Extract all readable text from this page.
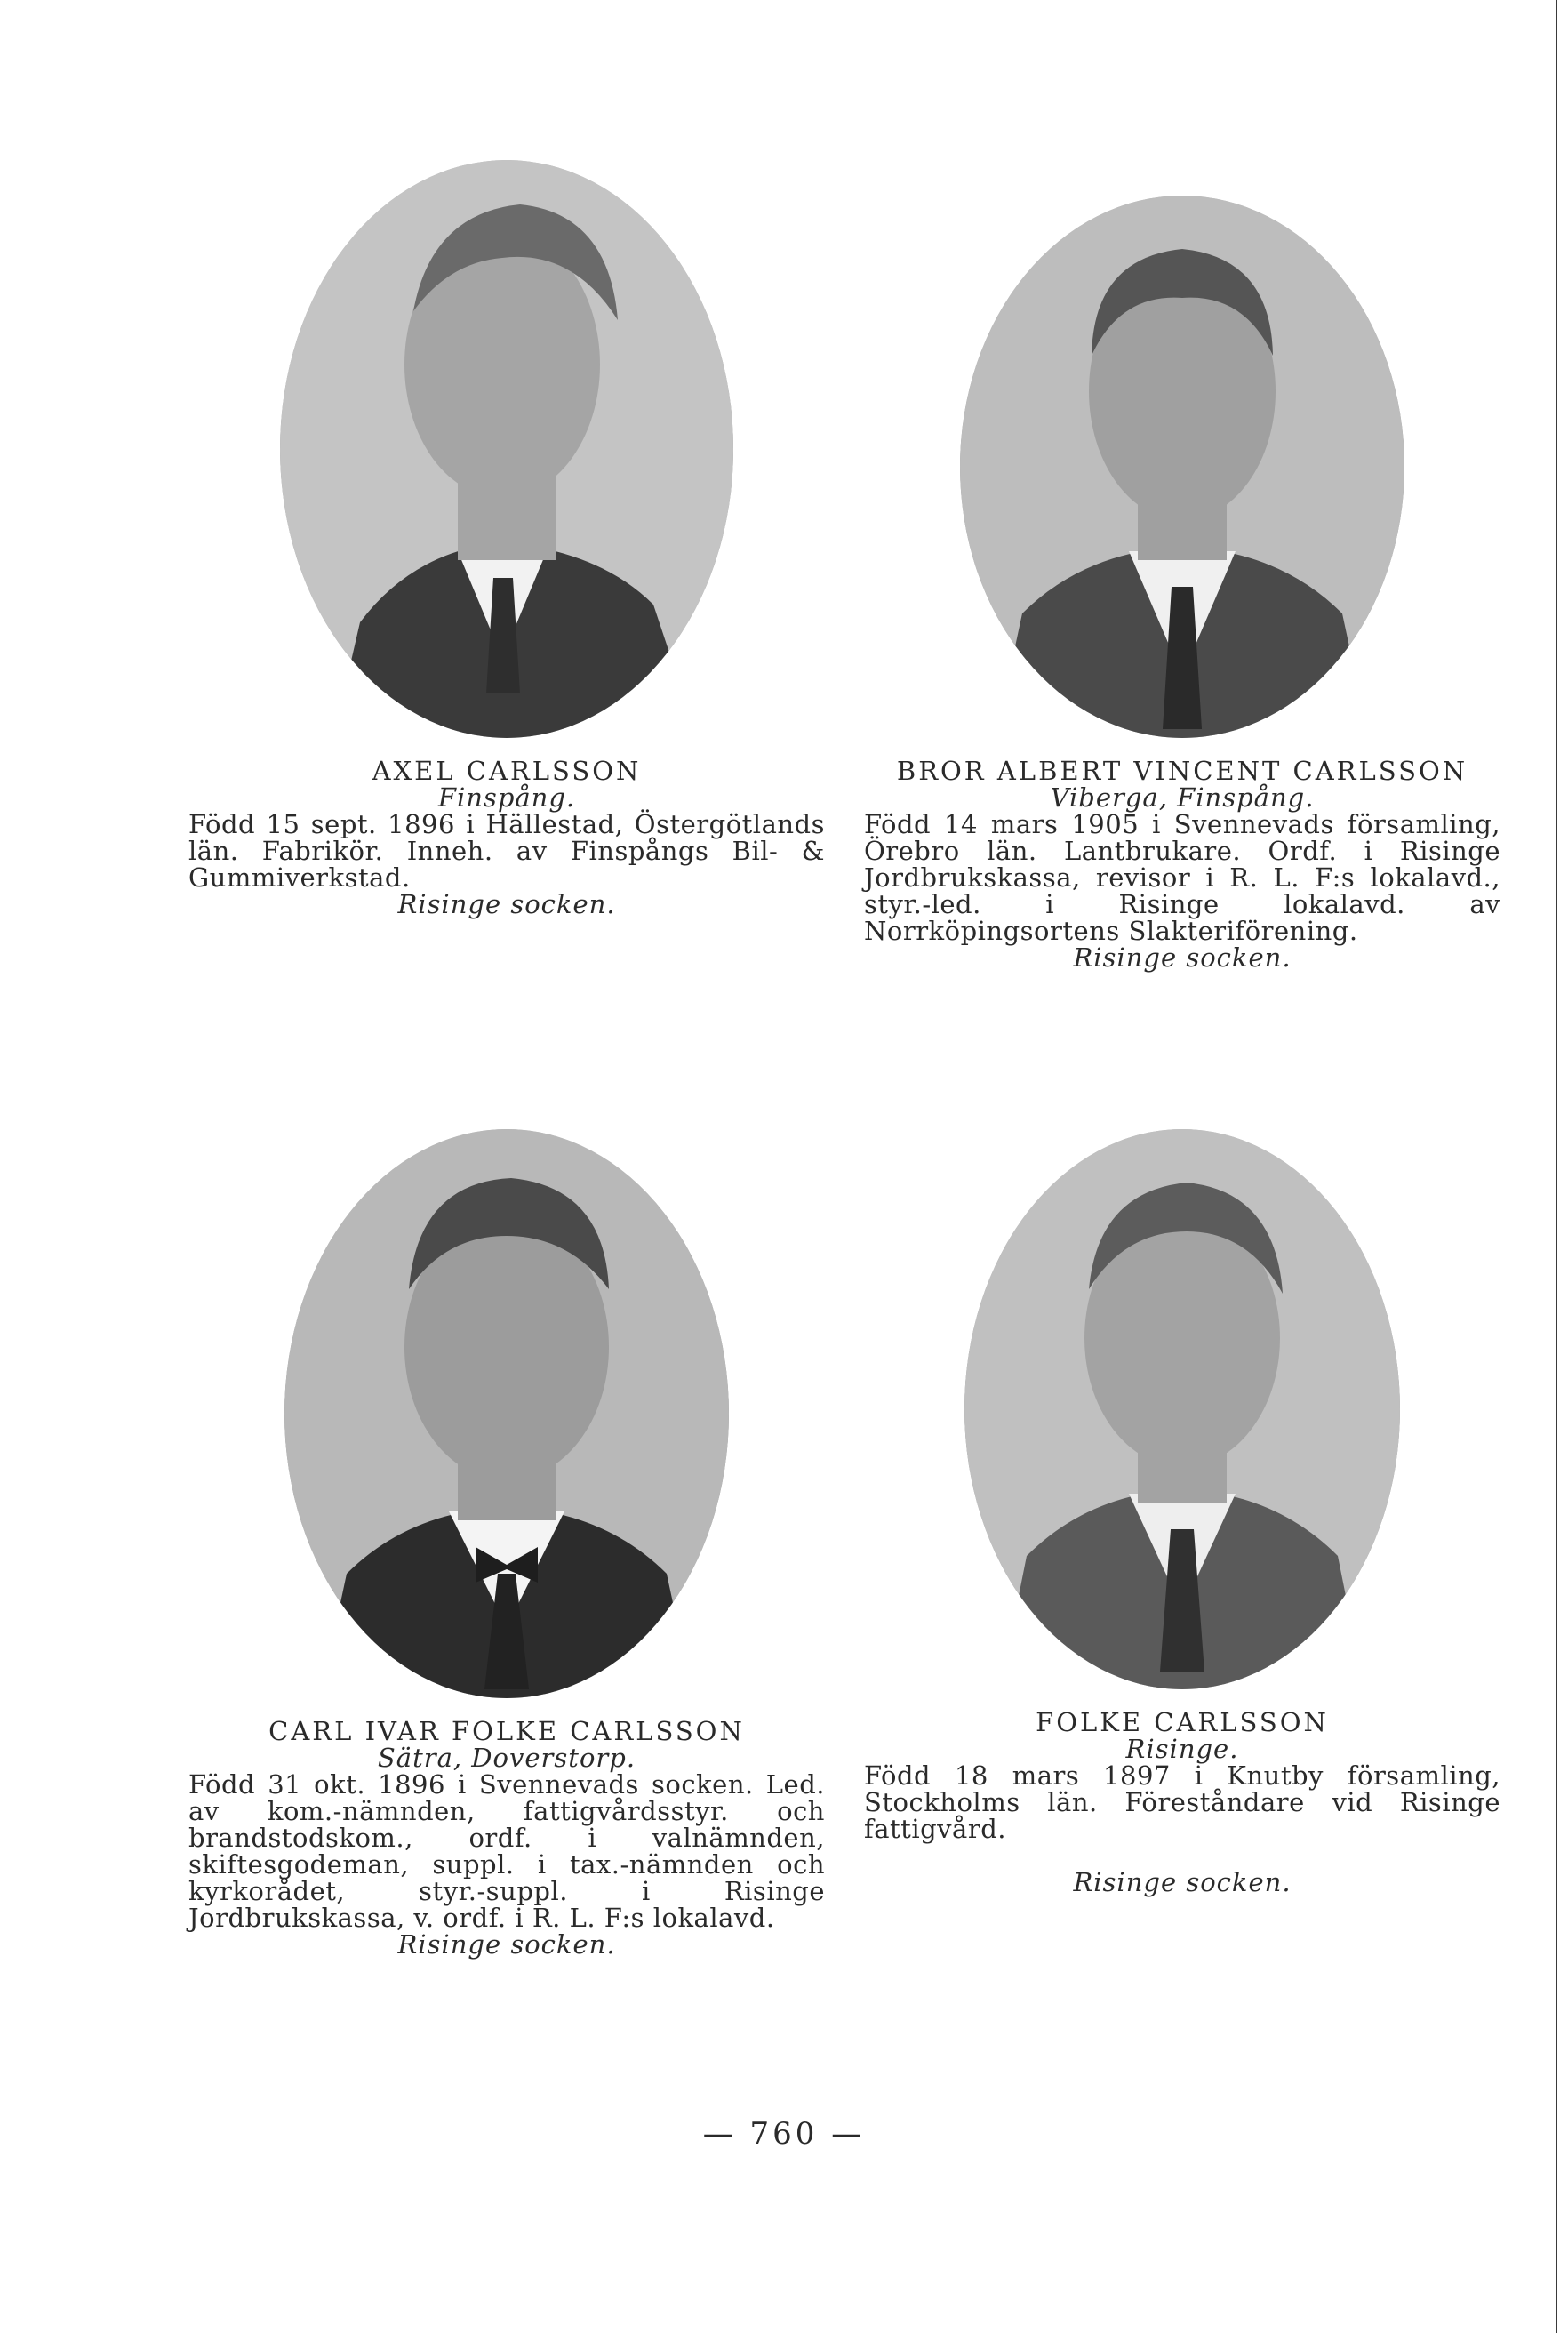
AXEL CARLSSON
Finspång.
Född 15 sept. 1896 i Hällestad, Östergötlands län. Fabrikör. Inneh. av Finspångs Bil- & Gummiverkstad.
Risinge socken.
BROR ALBERT VINCENT CARLSSON
Viberga, Finspång.
Född 14 mars 1905 i Svennevads församling, Örebro län. Lantbrukare. Ordf. i Risinge Jordbrukskassa, revisor i R. L. F:s lokalavd., styr.-led. i Risinge lokalavd. av Norrköpingsortens Slakteriförening.
Risinge socken.
CARL IVAR FOLKE CARLSSON
Sätra, Doverstorp.
Född 31 okt. 1896 i Svennevads socken. Led. av kom.-nämnden, fattigvårdsstyr. och brandstodskom., ordf. i valnämnden, skiftesgodeman, suppl. i tax.-nämnden och kyrkorådet, styr.-suppl. i Risinge Jordbrukskassa, v. ordf. i R. L. F:s lokalavd.
Risinge socken.
FOLKE CARLSSON
Risinge.
Född 18 mars 1897 i Knutby församling, Stockholms län. Föreståndare vid Risinge fattigvård.
Risinge socken.
— 760 —
